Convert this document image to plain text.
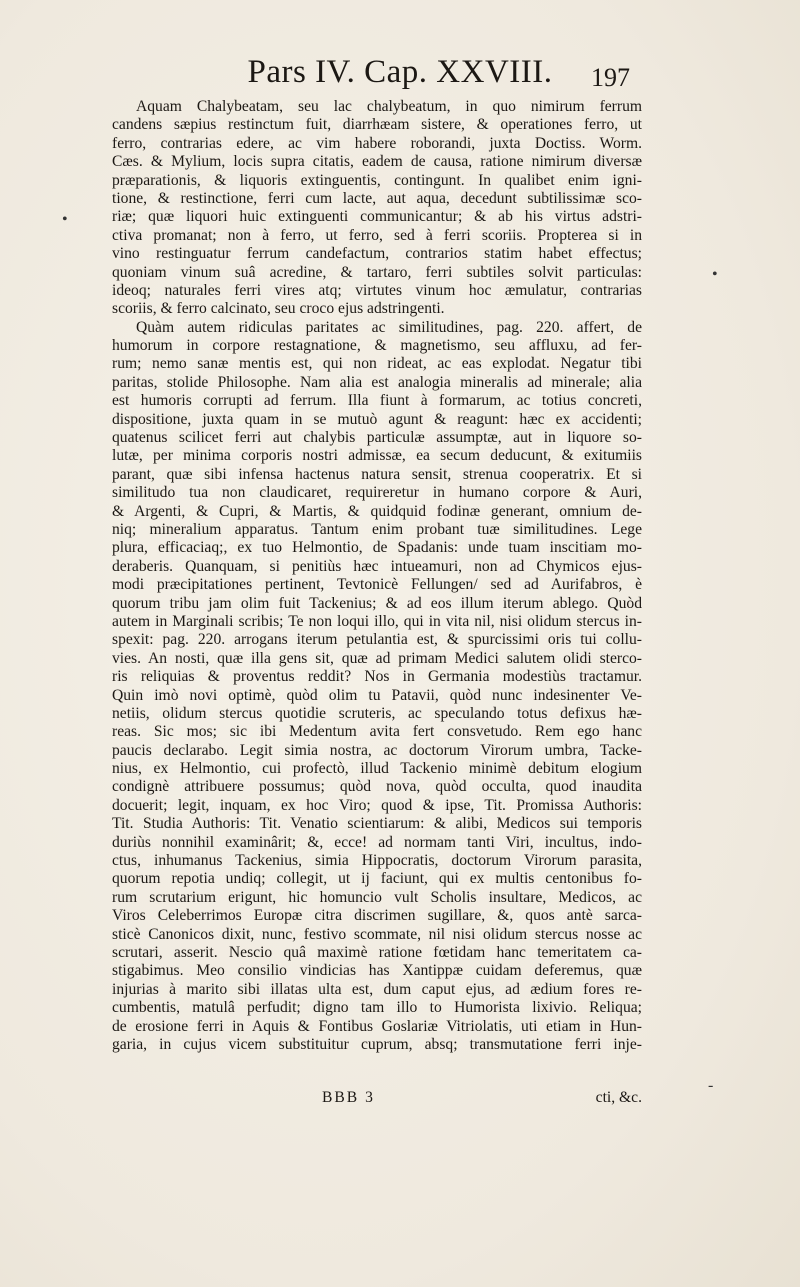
Pars IV. Cap. XXVIII.	197
Aquam Chalybeatam, seu lac chalybeatum, in quo nimirum ferrum
candens sæpius restinctum fuit, diarrhæam sistere, & operationes ferro, ut
ferro, contrarias edere, ac vim habere roborandi, juxta Doctiss. Worm.
Cæs. & Mylium, locis supra citatis, eadem de causa, ratione nimirum diversæ
præparationis, & liquoris extinguentis, contingunt. In qualibet enim igni-
tione, & restinctione, ferri cum lacte, aut aqua, decedunt subtilissimæ sco-
riæ; quæ liquori huic extinguenti communicantur; & ab his virtus adstri-
ctiva promanat; non à ferro, ut ferro, sed à ferri scoriis. Propterea si in
vino restinguatur ferrum candefactum, contrarios statim habet effectus;
quoniam vinum suâ acredine, & tartaro, ferri subtiles solvit particulas:
ideoq; naturales ferri vires atq; virtutes vinum hoc æmulatur, contrarias
scoriis, & ferro calcinato, seu croco ejus adstringenti.
Quàm autem ridiculas paritates ac similitudines, pag. 220. affert, de
humorum in corpore restagnatione, & magnetismo, seu affluxu, ad fer-
rum; nemo sanæ mentis est, qui non rideat, ac eas explodat. Negatur tibi
paritas, stolide Philosophe. Nam alia est analogia mineralis ad minerale; alia
est humoris corrupti ad ferrum. Illa fiunt à formarum, ac totius concreti,
dispositione, juxta quam in se mutuò agunt & reagunt: hæc ex accidenti;
quatenus scilicet ferri aut chalybis particulæ assumptæ, aut in liquore so-
lutæ, per minima corporis nostri admissæ, ea secum deducunt, & exitumiis
parant, quæ sibi infensa hactenus natura sensit, strenua cooperatrix. Et si
similitudo tua non claudicaret, requireretur in humano corpore & Auri,
& Argenti, & Cupri, & Martis, & quidquid fodinæ generant, omnium de-
niq; mineralium apparatus. Tantum enim probant tuæ similitudines. Lege
plura, efficaciaq;, ex tuo Helmontio, de Spadanis: unde tuam inscitiam mo-
deraberis. Quanquam, si penitiùs hæc intueamuri, non ad Chymicos ejus-
modi præcipitationes pertinent, Tevtonicè Fellungen/ sed ad Aurifabros, è
quorum tribu jam olim fuit Tackenius; & ad eos illum iterum ablego. Quòd
autem in Marginali scribis; Te non loqui illo, qui in vita nil, nisi olidum stercus in-
spexit: pag. 220. arrogans iterum petulantia est, & spurcissimi oris tui collu-
vies. An nosti, quæ illa gens sit, quæ ad primam Medici salutem olidi sterco-
ris reliquias & proventus reddit? Nos in Germania modestiùs tractamur.
Quin imò novi optimè, quòd olim tu Patavii, quòd nunc indesinenter Ve-
netiis, olidum stercus quotidie scruteris, ac speculando totus defixus hæ-
reas. Sic mos; sic ibi Medentum avita fert consvetudo. Rem ego hanc
paucis declarabo. Legit simia nostra, ac doctorum Virorum umbra, Tacke-
nius, ex Helmontio, cui profectò, illud Tackenio minimè debitum elogium
condignè attribuere possumus; quòd nova, quòd occulta, quod inaudita
docuerit; legit, inquam, ex hoc Viro; quod & ipse, Tit. Promissa Authoris:
Tit. Studia Authoris: Tit. Venatio scientiarum: & alibi, Medicos sui temporis
duriùs nonnihil examinârit; &, ecce! ad normam tanti Viri, incultus, indo-
ctus, inhumanus Tackenius, simia Hippocratis, doctorum Virorum parasita,
quorum repotia undiq; collegit, ut ij faciunt, qui ex multis centonibus fo-
rum scrutarium erigunt, hic homuncio vult Scholis insultare, Medicos, ac
Viros Celeberrimos Europæ citra discrimen sugillare, &, quos antè sarca-
sticè Canonicos dixit, nunc, festivo scommate, nil nisi olidum stercus nosse ac
scrutari, asserit. Nescio quâ maximè ratione fœtidam hanc temeritatem ca-
stigabimus. Meo consilio vindicias has Xantippæ cuidam deferemus, quæ
injurias à marito sibi illatas ulta est, dum caput ejus, ad ædium fores re-
cumbentis, matulâ perfudit; digno tam illo to Humorista lixivio. Reliqua;
de erosione ferri in Aquis & Fontibus Goslariæ Vitriolatis, uti etiam in Hun-
garia, in cujus vicem substituitur cuprum, absq; transmutatione ferri inje-
•
•
-
BBB 3	cti, &c.
